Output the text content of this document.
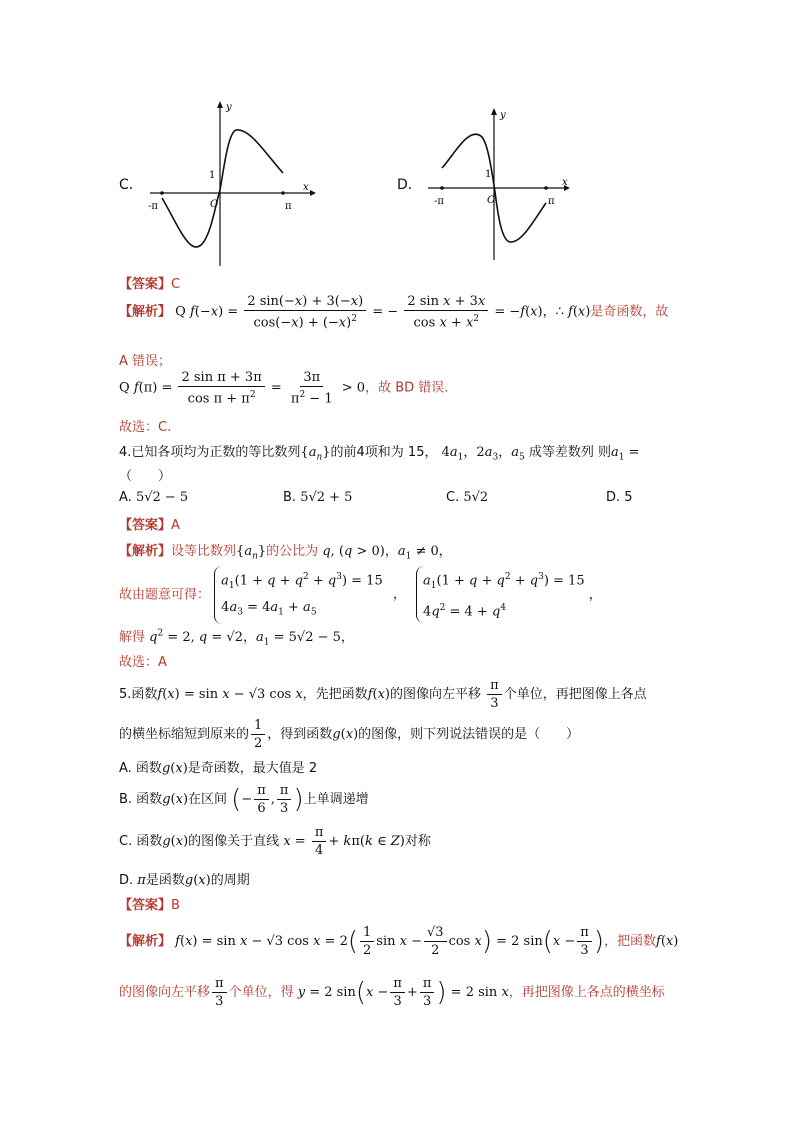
C．
y
x
O
1
-π	π
D．
y
x
O
1
-π	π
【答案】C
【解析】 Q $f(-x) = \frac{2 \sin(-x) + 3(-x)}{\cos(-x) + (-x)^2}$ = − $\frac{\text{2 sin x + 3x}}{\cos x + x^2} = -f(x)$，∴ f(x)是奇函数，故
A 错误；
Q $f(\pi) = \frac{\text{2 sin π + 3π}}{\cos \pi + \pi^2} = \frac{3\pi}{\pi^2 - 1} > 0$，故 BD 错误.
故选：C.
4.已知各项均为正数的等比数列$\{a_n\}$的前4项和为 15， $4a_1$，$2a_3$，$a_5$ 成等差数列 则$a_1$ =
（　　）
A. 5√2 − 5	B. 5√2 + 5	C. 5√2	D. 5
【答案】A
【解析】设等比数列$\{a_n\}$的公比为 q, (q > 0)，$a_1 \ne 0$，
故由题意可得： $a_1(1 + q + q^2 + q^3) = 15$
$4a_3 = 4a_1 + a_5$ ， $a_1(1 + q + q^2 + q^3) = 15$
$4q^2 = 4 + q^4$ ，
解得 $q^2 = 2$, q = √2，$a_1 = 5√2 - 5$，
故选：A
5.函数f(x) = sin x − √3 cos x，先把函数f(x)的图像向左平移 $\frac{\pi}{3}$ 个单位，再把图像上各点
的横坐标缩短到原来的 $\frac{1}{2}$ ，得到函数g(x)的图像，则下列说法错误的是（　　）
A. 函数g(x)是奇函数，最大值是 2
B. 函数g(x)在区间 (− $\frac{\pi}{6}$ , $\frac{\pi}{3}$ )上单调递增
C. 函数g(x)的图像关于直线 $x = \frac{\pi}{4} + k\pi(k$ ∈ Z)对称
D. π是函数g(x)的周期
【答案】B
【解析】 f(x) = sin x − √3 $\cos x = 2( \frac{1}{2}$ $\sin x - \frac{√3}{2}$ cos x) = 2 $\sin(x - \frac{\pi}{3}$ )，把函数f(x)
的图像向左平移 $\frac{\pi}{3}$ 个单位，得 y = 2 $\sin(x - \frac{\pi}{3} + \frac{\pi}{3}$ ) = 2 sin x，再把图像上各点的横坐标
